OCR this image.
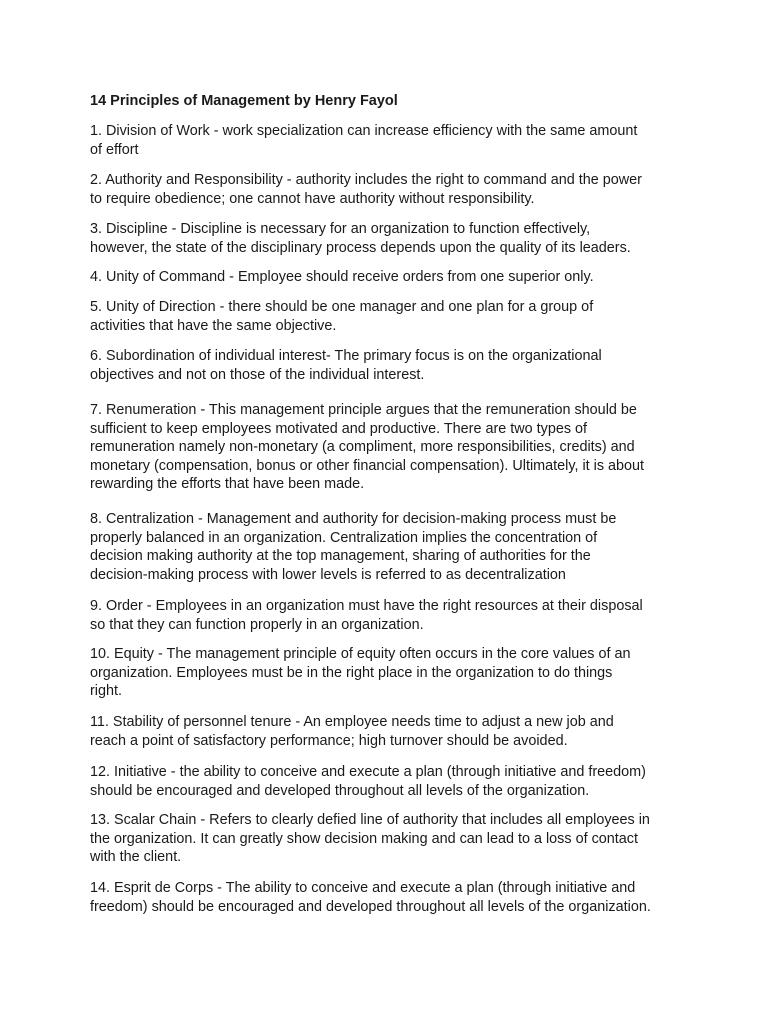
14 Principles of Management by Henry Fayol

1. Division of Work - work specialization can increase efficiency with the same amount
of effort

2. Authority and Responsibility - authority includes the right to command and the power
to require obedience; one cannot have authority without responsibility.

3. Discipline - Discipline is necessary for an organization to function effectively,
however, the state of the disciplinary process depends upon the quality of its leaders.

4. Unity of Command - Employee should receive orders from one superior only.

5. Unity of Direction - there should be one manager and one plan for a group of
activities that have the same objective.

6. Subordination of individual interest- The primary focus is on the organizational
objectives and not on those of the individual interest.

7. Renumeration - This management principle argues that the remuneration should be
sufficient to keep employees motivated and productive. There are two types of
remuneration namely non-monetary (a compliment, more responsibilities, credits) and
monetary (compensation, bonus or other financial compensation). Ultimately, it is about
rewarding the efforts that have been made.

8. Centralization - Management and authority for decision-making process must be
properly balanced in an organization. Centralization implies the concentration of
decision making authority at the top management, sharing of authorities for the
decision-making process with lower levels is referred to as decentralization

9. Order - Employees in an organization must have the right resources at their disposal
so that they can function properly in an organization.

10. Equity - The management principle of equity often occurs in the core values of an
organization. Employees must be in the right place in the organization to do things
right.

11. Stability of personnel tenure - An employee needs time to adjust a new job and
reach a point of satisfactory performance; high turnover should be avoided.

12. Initiative - the ability to conceive and execute a plan (through initiative and freedom)
should be encouraged and developed throughout all levels of the organization.

13. Scalar Chain - Refers to clearly defied line of authority that includes all employees in
the organization. It can greatly show decision making and can lead to a loss of contact
with the client.

14. Esprit de Corps - The ability to conceive and execute a plan (through initiative and
freedom) should be encouraged and developed throughout all levels of the organization.
